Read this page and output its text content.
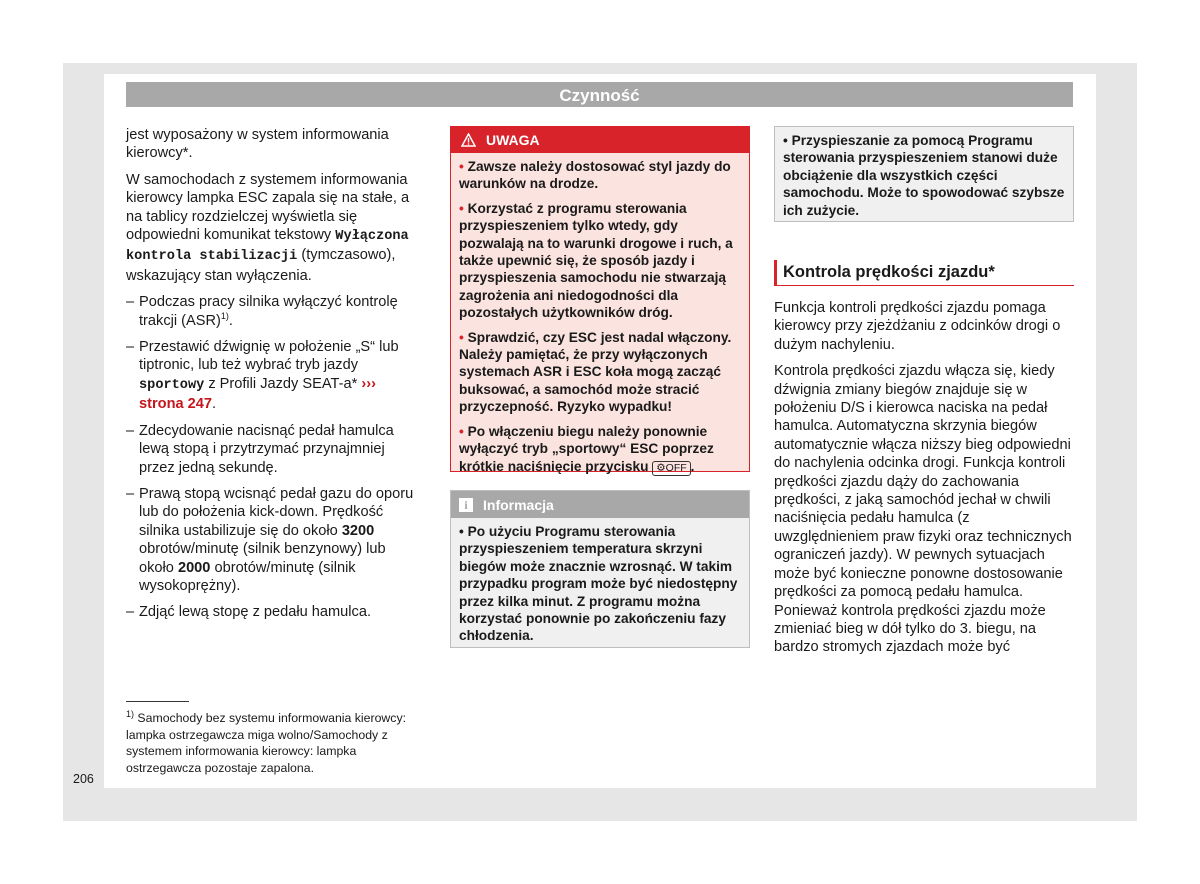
Czynność

jest wyposażony w system informowania kierowcy*.

W samochodach z systemem informowania kierowcy lampka ESC zapala się na stałe, a na tablicy rozdzielczej wyświetla się odpowiedni komunikat tekstowy Wyłączona kontrola stabilizacji (tymczasowo), wskazujący stan wyłączenia.

– Podczas pracy silnika wyłączyć kontrolę trakcji (ASR)$^{1)}$.
– Przestawić dźwignię w położenie „S“ lub tiptronic, lub też wybrać tryb jazdy sportowy z Profili Jazdy SEAT-a* ››› strona 247.
– Zdecydowanie nacisnąć pedał hamulca lewą stopą i przytrzymać przynajmniej przez jedną sekundę.
– Prawą stopą wcisnąć pedał gazu do oporu lub do położenia kick-down. Prędkość silnika ustabilizuje się do około 3200 obrotów/minutę (silnik benzynowy) lub około 2000 obrotów/minutę (silnik wysokoprężny).
– Zdjąć lewą stopę z pedału hamulca.
UWAGA

• Zawsze należy dostosować styl jazdy do warunków na drodze.

• Korzystać z programu sterowania przyspieszeniem tylko wtedy, gdy pozwalają na to warunki drogowe i ruch, a także upewnić się, że sposób jazdy i przyspieszenia samochodu nie stwarzają zagrożenia ani niedogodności dla pozostałych użytkowników dróg.

• Sprawdzić, czy ESC jest nadal włączony. Należy pamiętać, że przy wyłączonych systemach ASR i ESC koła mogą zacząć buksować, a samochód może stracić przyczepność. Ryzyko wypadku!

• Po włączeniu biegu należy ponownie wyłączyć tryb „sportowy“ ESC poprzez krótkie naciśnięcie przycisku ⚙OFF .

i	Informacja

• Po użyciu Programu sterowania przyspieszeniem temperatura skrzyni biegów może znacznie wzrosnąć. W takim przypadku program może być niedostępny przez kilka minut. Z programu można korzystać ponownie po zakończeniu fazy chłodzenia.

• Przyspieszanie za pomocą Programu sterowania przyspieszeniem stanowi duże obciążenie dla wszystkich części samochodu. Może to spowodować szybsze ich zużycie.
Kontrola prędkości zjazdu*

Funkcja kontroli prędkości zjazdu pomaga kierowcy przy zjeżdżaniu z odcinków drogi o dużym nachyleniu.

Kontrola prędkości zjazdu włącza się, kiedy dźwignia zmiany biegów znajduje się w położeniu D/S i kierowca naciska na pedał hamulca. Automatyczna skrzynia biegów automatycznie włącza niższy bieg odpowiedni do nachylenia odcinka drogi. Funkcja kontroli prędkości zjazdu dąży do zachowania prędkości, z jaką samochód jechał w chwili naciśnięcia pedału hamulca (z uwzględnieniem praw fizyki oraz technicznych ograniczeń jazdy). W pewnych sytuacjach może być konieczne ponowne dostosowanie prędkości za pomocą pedału hamulca. Ponieważ kontrola prędkości zjazdu może zmieniać bieg w dół tylko do 3. biegu, na bardzo stromych zjazdach może być

$^{1)}$ Samochody bez systemu informowania kierowcy: lampka ostrzegawcza miga wolno/Samochody z systemem informowania kierowcy: lampka ostrzegawcza pozostaje zapalona.
206
